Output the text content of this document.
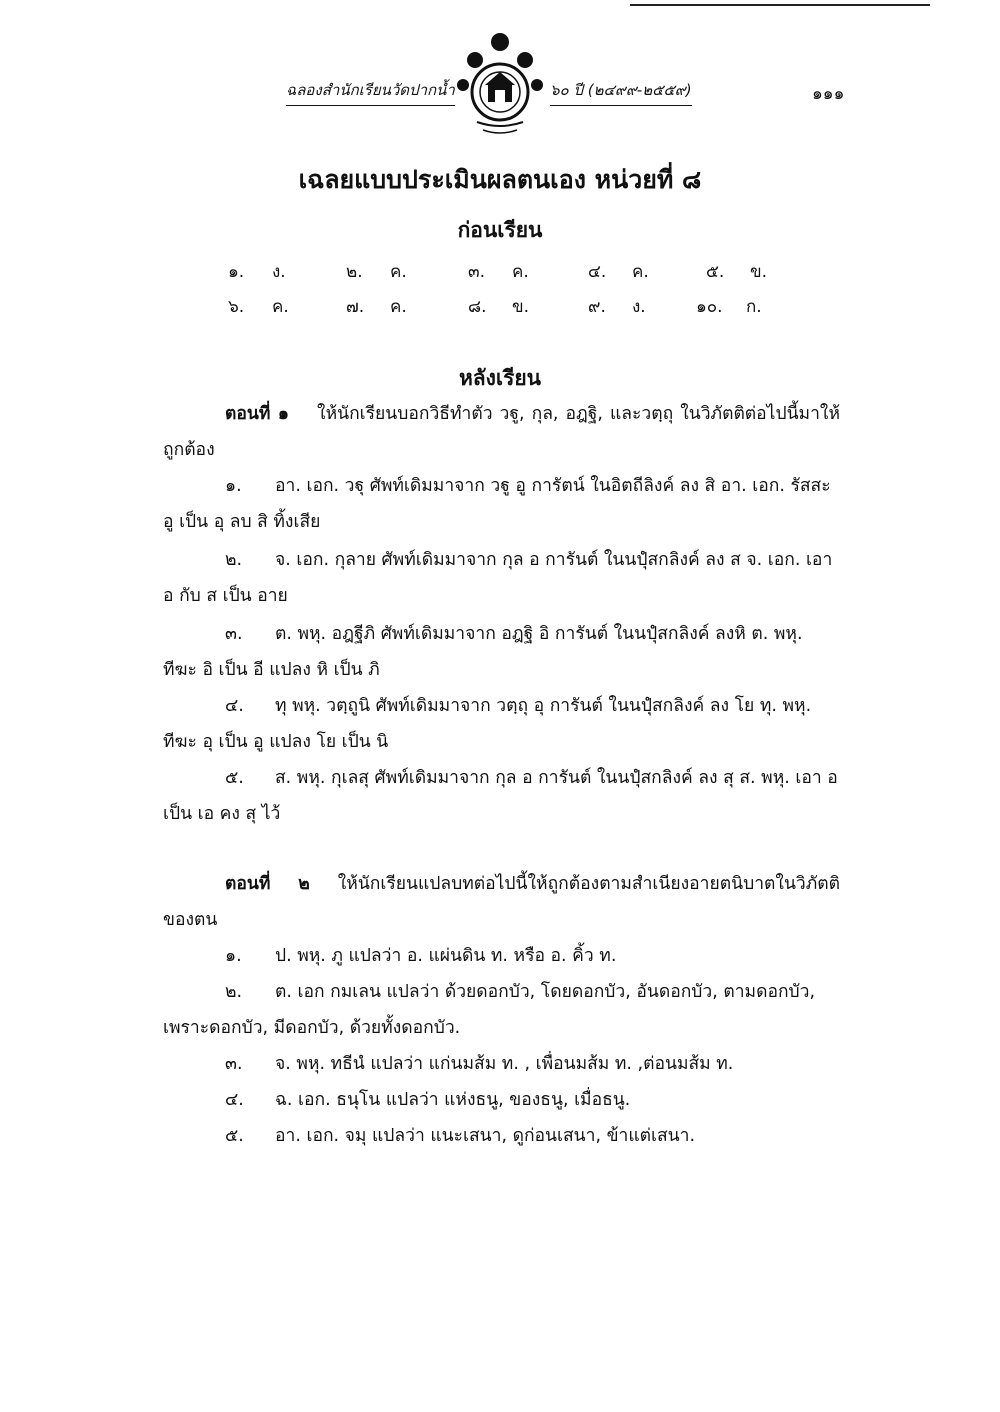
ฉลองสำนักเรียนวัดปากน้ำ	๖๐ ปี (๒๔๙๙-๒๕๕๙)	๑๑๑
เฉลยแบบประเมินผลตนเอง หน่วยที่ ๘
ก่อนเรียน
๑. ง.	๒. ค.	๓. ค.	๔. ค.	๕. ข.
๖. ค.	๗. ค.	๘. ข.	๙. ง.	๑๐. ก.
หลังเรียน
ตอนที่ ๑ ให้นักเรียนบอกวิธีทำตัว วฐู, กุล, อฎฐิ, และวตฺถุ ในวิภัตติต่อไปนี้มาให้ถูกต้อง
๑. อา. เอก. วฐุ ศัพท์เดิมมาจาก วฐู อู การัตน์ ในอิตถีลิงค์ ลง สิ อา. เอก. รัสสะอู เป็น อุ ลบ สิ ทิ้งเสีย
๒. จ. เอก. กุลาย ศัพท์เดิมมาจาก กุล อ การันต์ ในนปุํสกลิงค์ ลง ส จ. เอก. เอา อ กับ ส เป็น อาย
๓. ต. พหุ. อฎฐีภิ ศัพท์เดิมมาจาก อฎฐิ อิ การันต์ ในนปุํสกลิงค์ ลงหิ ต. พหุ. ทีฆะ อิ เป็น อี แปลง หิ เป็น ภิ
๔. ทุ พหุ. วตฺถูนิ ศัพท์เดิมมาจาก วตฺถุ อุ การันต์ ในนปุํสกลิงค์ ลง โย ทุ. พหุ. ทีฆะ อุ เป็น อู แปลง โย เป็น นิ
๕. ส. พหุ. กุเลสุ ศัพท์เดิมมาจาก กุล อ การันต์ ในนปุํสกลิงค์ ลง สุ ส. พหุ. เอา อ เป็น เอ คง สุ ไว้
ตอนที่ ๒ ให้นักเรียนแปลบทต่อไปนี้ให้ถูกต้องตามสำเนียงอายตนิบาตในวิภัตติของตน
๑. ป. พหุ. ภู แปลว่า อ. แผ่นดิน ท. หรือ อ. คิ้ว ท.
๒. ต. เอก กมเลน แปลว่า ด้วยดอกบัว, โดยดอกบัว, อันดอกบัว, ตามดอกบัว, เพราะดอกบัว, มีดอกบัว, ด้วยทั้งดอกบัว.
๓. จ. พหุ. ทธีนํ แปลว่า แก่นมส้ม ท. , เพื่อนมส้ม ท. ,ต่อนมส้ม ท.
๔. ฉ. เอก. ธนุโน แปลว่า แห่งธนู, ของธนู, เมื่อธนู.
๕. อา. เอก. จมุ แปลว่า แนะเสนา, ดูก่อนเสนา, ข้าแต่เสนา.
